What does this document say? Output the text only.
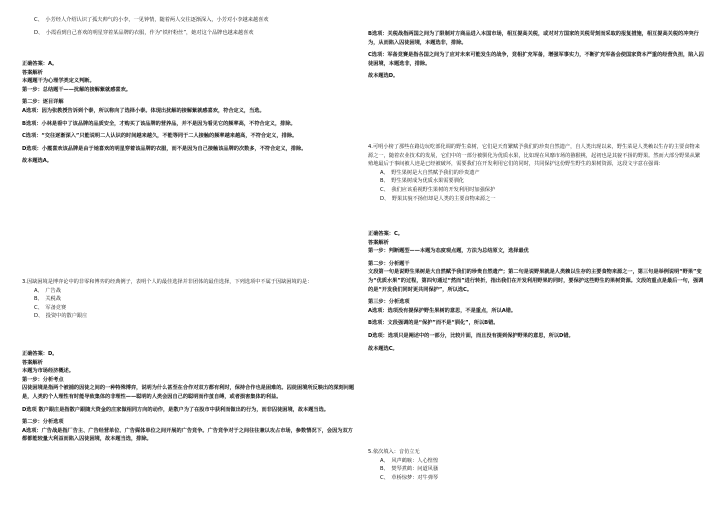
C、　小芳经人介绍认识了孤夫帅气的小李，一见钟情，随着两人交往逐渐深入，小芳对小李越来越喜欢

D、　小霞看到自己喜欢的明星穿着某品牌的衣服，作为“铁杆粉丝”，她对这个品牌也越来越喜欢

正确答案：A。

答案解析

本题题干为心理学类定义判断。

第一步：总结题干——扰解的接解紫就感喜欢。

第二步：逐目详解

A选项：因为张教授告诉到个泰，所以称向了选择小泰。体现出扰解的接解紫就感喜欢，符合定义，当选。

B选项：小林是看中了该品牌的品质安全，才购买了该品牌的营养品，并不是因为看见它的频率高，不符合定义，排除。

C选项：“交往逐渐深入”只能说明二人认识的时间越来越久，不能等同于二人接触的频率越来越高，不符合定义，排除。

D选项：小霞喜欢该品牌是由于她喜欢的明星穿着该品牌的衣服，而不是因为自己接触该品牌的次数多，不符合定义，排除。

故本题选A。

3.因缺困境是博弈论中的非零和博弈的经典例子，表明个人的最佳选择并非团体的最佳选择，下列选项中不属于因缺困境的是：

A、　广告战

B、　关税战

C、　军备竞赛

D、　投资中的散户跟庄

正确答案：D。

答案解析

本题为市场经济概述。

第一步：分析考点

囚徒困境是指两个被捕的因徒之间的一种特殊博弈，说明为什么甚至在合作对双方都有利时，保持合作也是困难的。囚徒困境所反映出的深刻问题是，人类的个人理性有时能导致集体的非理性——聪明的人类会因自己的聪明而作茧自缚，或者损害集体的利益。

D选项 散户跟庄是指散户跟随大资金的庄家做相同方向的动作，是散户为了在股市中获利而做出的行为，而非囚徒困境，故本题当选。

第二步：分析选项

A选项：广告战是指厂告主、广告经营单位、广告媒体单位之间开展的广告竞争。广告竞争对于之间往往兼以攻占市场，参数情况下，会因为双方都都能较量大利益而陷入囚徒困境，故本题当选，排除。

B选项：关税战指两国之间为了限制对方商品进入本国市场，相互提高关税，或对对方国家的关税苛刻而采取的报复措施，相互提高关税的冲突行为，从而陷入囚徒困境，本题选非，排除。

C选项：军备竞赛是指各国之间为了应对未来可能发生的战争，竞相扩充军备，增强军事实力，不断扩充军备会使国家资本严重的经营负担，陷入囚徒困境，本题选非，排除。

故本题选D。

4.可明小榜了那些在路边玩吃部化调的野生菜树，它们是天育繁赋予我们的珍贵自然遗产，自人类出现以来，野生菜是人类赖以生存的主要食物来源之一，随着农业技术的发展，它们中的一部分被驯化为优质水果，比如现在风靡市场的猕猴桃，起初也是其貌不扬的野果。然而大部分野果从繁殖地最后于事间被人迹是已经被破坏，需要我们在开发利用它们的同时，共同保护这份野生野生的果树资源，这段文字意在强调：

A、　野生果树是大自然赋予我们的珍贵遗产

B、　野生果树成为优质水果需要驯化

C、　我们应该重视野生果树的开发利用时加强保护

D、　野果其貌不扬但却是人类的主要食物来源之一

正确答案：C。

答案解析

第一步：判断题型——本题为态度观点题，方法为总结原文，选择最优

第二步：分析题干

文段第一句是说野生果树是大自然赋予我们的珍贵自然遗产；第二句是说野果就是人类赖以生存的主要食物来源之一，第三句是举例说明“野果”变为“优质水果”的过程，第四句通过“然而”进行转折，指出我们在开发利用野果的同时，要保护这些野生的果树资源。文段的重点是最后一句，强调的是“开发我们同时更共同保护”，所以选C。

第三步：分析选项

A选项：选项没有提保护野生果树的意思，不是重点，所以A错。

B选项：文段强调的是“保护”而不是“驯化”，所以B错。

D选项：选项只是阐述中的一部分，比较片面，而且没有提到保护野果的意思，所以D错。

故本题选C。

5.依次填入：音仿立无

A、　风声鹤唳：人心惶惶

B、　焚琴煮鹤：问道风骚

C、　草桥惊梦：对牛弹琴
